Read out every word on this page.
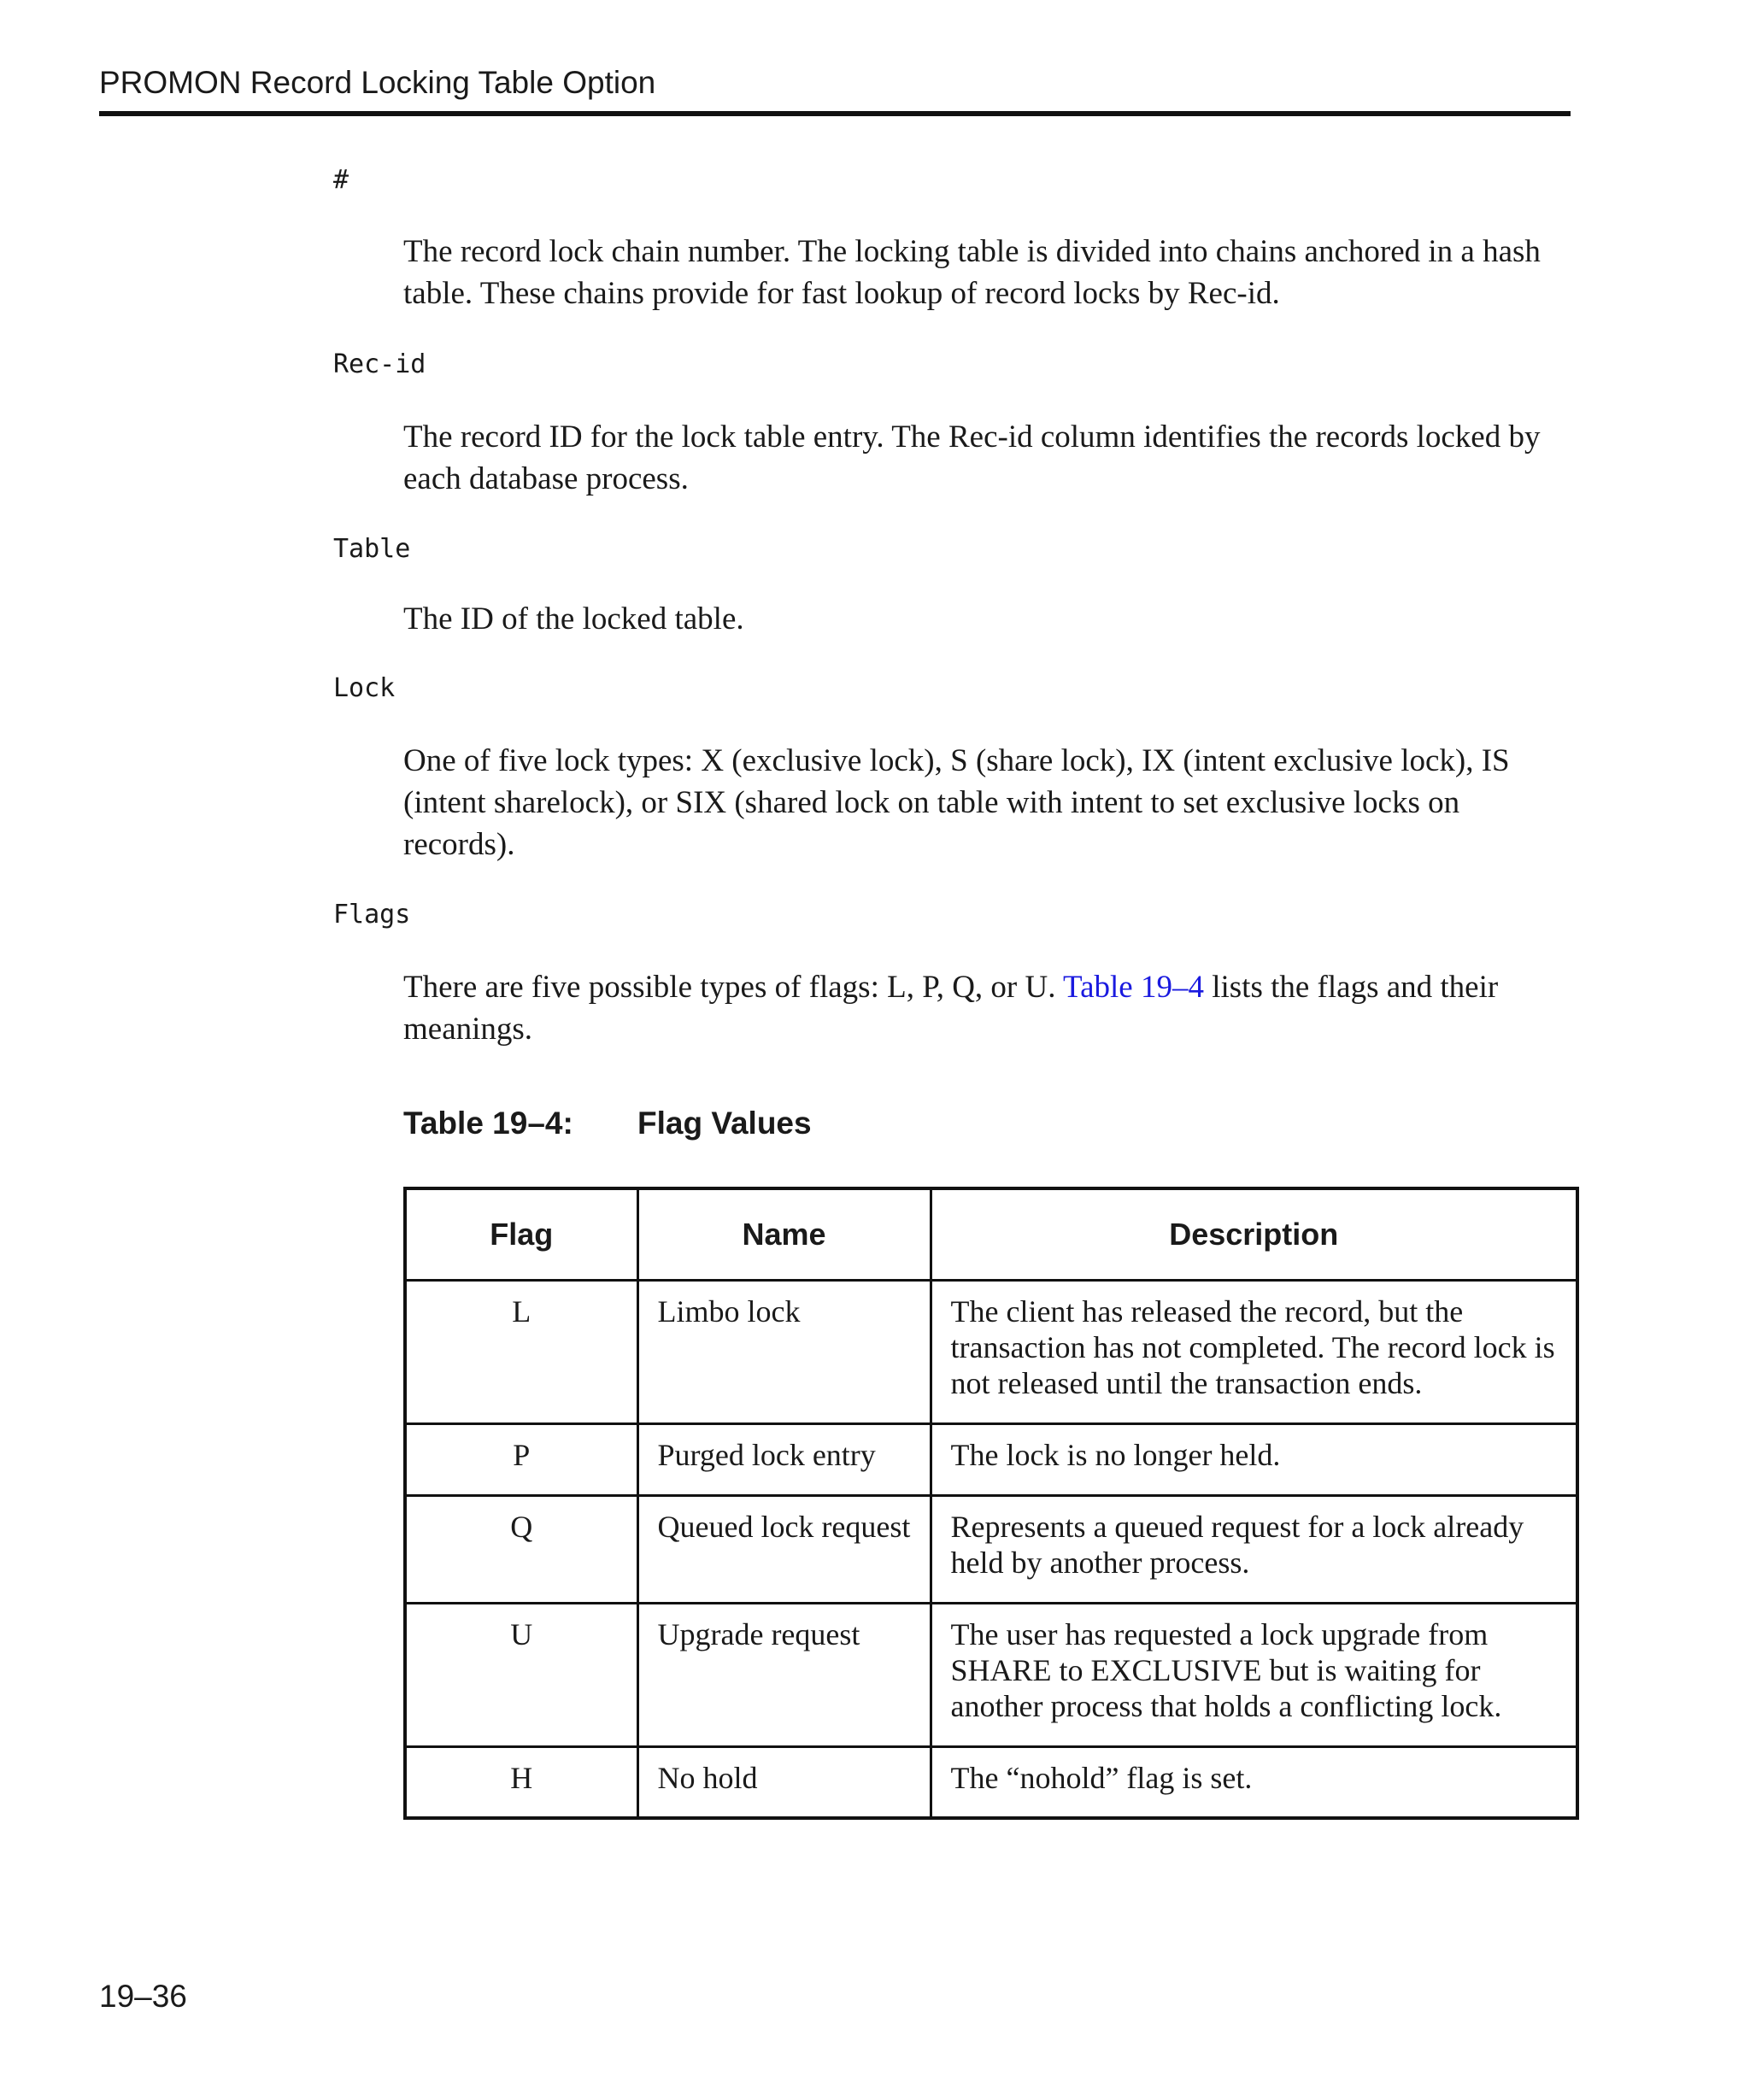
PROMON Record Locking Table Option
#
The record lock chain number. The locking table is divided into chains anchored in a hash table. These chains provide for fast lookup of record locks by Rec-id.
Rec-id
The record ID for the lock table entry. The Rec-id column identifies the records locked by each database process.
Table
The ID of the locked table.
Lock
One of five lock types: X (exclusive lock), S (share lock), IX (intent exclusive lock), IS (intent sharelock), or SIX (shared lock on table with intent to set exclusive locks on records).
Flags
There are five possible types of flags: L, P, Q, or U. Table 19–4 lists the flags and their meanings.
Table 19–4: Flag Values
Flag	Name	Description
L	Limbo lock	The client has released the record, but the transaction has not completed. The record lock is not released until the transaction ends.
P	Purged lock entry	The lock is no longer held.
Q	Queued lock request	Represents a queued request for a lock already held by another process.
U	Upgrade request	The user has requested a lock upgrade from SHARE to EXCLUSIVE but is waiting for another process that holds a conflicting lock.
H	No hold	The “nohold” flag is set.
19–36
